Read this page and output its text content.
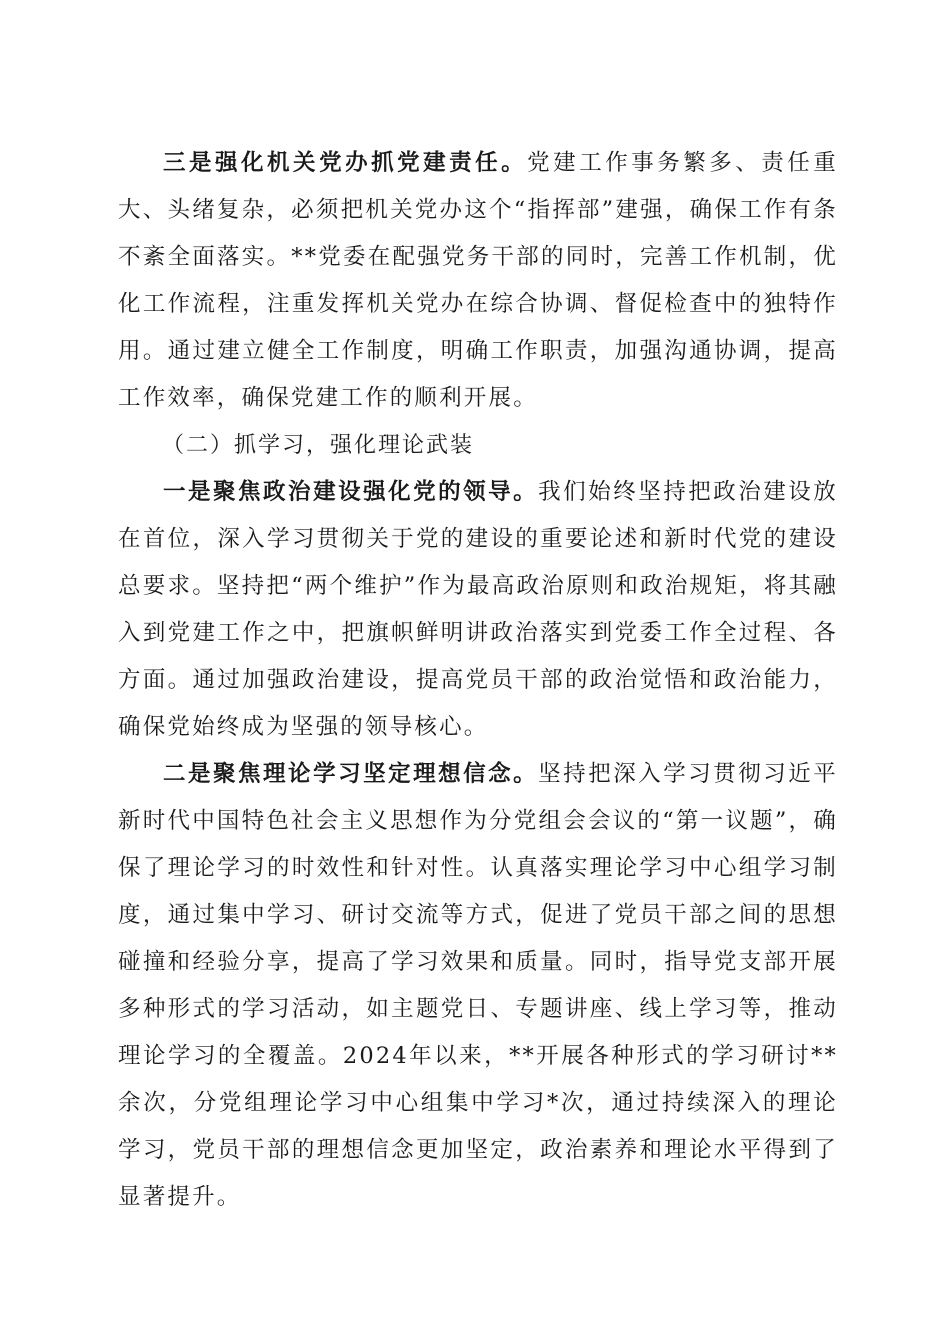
三是强化机关党办抓党建责任。党建工作事务繁多、责任重大、头绪复杂，必须把机关党办这个“指挥部”建强，确保工作有条不紊全面落实。**党委在配强党务干部的同时，完善工作机制，优化工作流程，注重发挥机关党办在综合协调、督促检查中的独特作用。通过建立健全工作制度，明确工作职责，加强沟通协调，提高工作效率，确保党建工作的顺利开展。

（二）抓学习，强化理论武装

一是聚焦政治建设强化党的领导。我们始终坚持把政治建设放在首位，深入学习贯彻关于党的建设的重要论述和新时代党的建设总要求。坚持把“两个维护”作为最高政治原则和政治规矩，将其融入到党建工作之中，把旗帜鲜明讲政治落实到党委工作全过程、各方面。通过加强政治建设，提高党员干部的政治觉悟和政治能力，确保党始终成为坚强的领导核心。

二是聚焦理论学习坚定理想信念。坚持把深入学习贯彻习近平新时代中国特色社会主义思想作为分党组会会议的“第一议题”，确保了理论学习的时效性和针对性。认真落实理论学习中心组学习制度，通过集中学习、研讨交流等方式，促进了党员干部之间的思想碰撞和经验分享，提高了学习效果和质量。同时，指导党支部开展多种形式的学习活动，如主题党日、专题讲座、线上学习等，推动理论学习的全覆盖。2024年以来，**开展各种形式的学习研讨**余次，分党组理论学习中心组集中学习*次，通过持续深入的理论学习，党员干部的理想信念更加坚定，政治素养和理论水平得到了显著提升。
